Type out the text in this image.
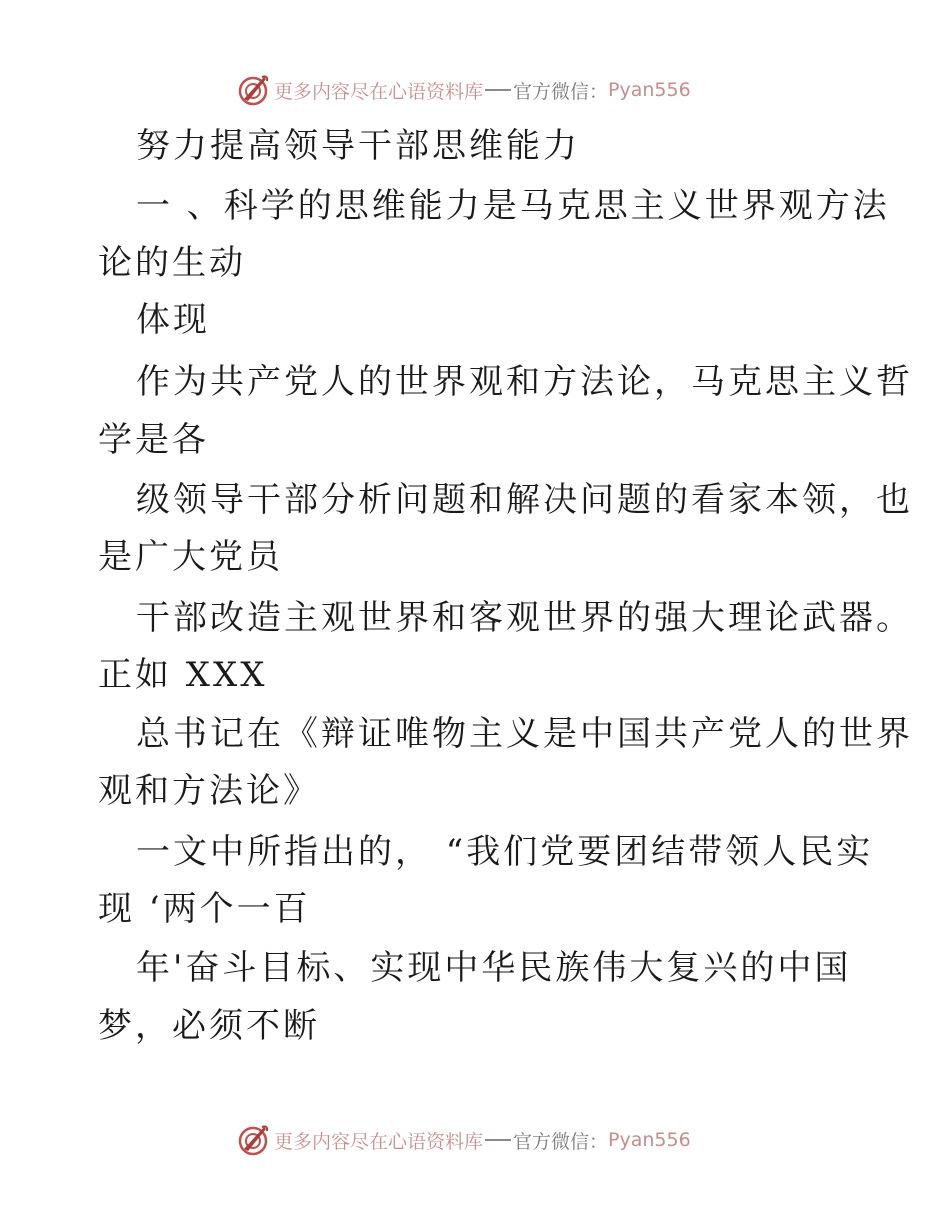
更多内容尽在心语资料库 官方微信： Pyan556
努力提高领导干部思维能力
一 、科学的思维能力是马克思主义世界观方法
论的生动
体现
作为共产党人的世界观和方法论，马克思主义哲
学是各
级领导干部分析问题和解决问题的看家本领，也
是广大党员
干部改造主观世界和客观世界的强大理论武器。
正如 XXX
总书记在《辩证唯物主义是中国共产党人的世界
观和方法论》
一文中所指出的， “我们党要团结带领人民实
现 ‘两个一百
年'奋斗目标、实现中华民族伟大复兴的中国
梦，必须不断
更多内容尽在心语资料库 官方微信： Pyan556
